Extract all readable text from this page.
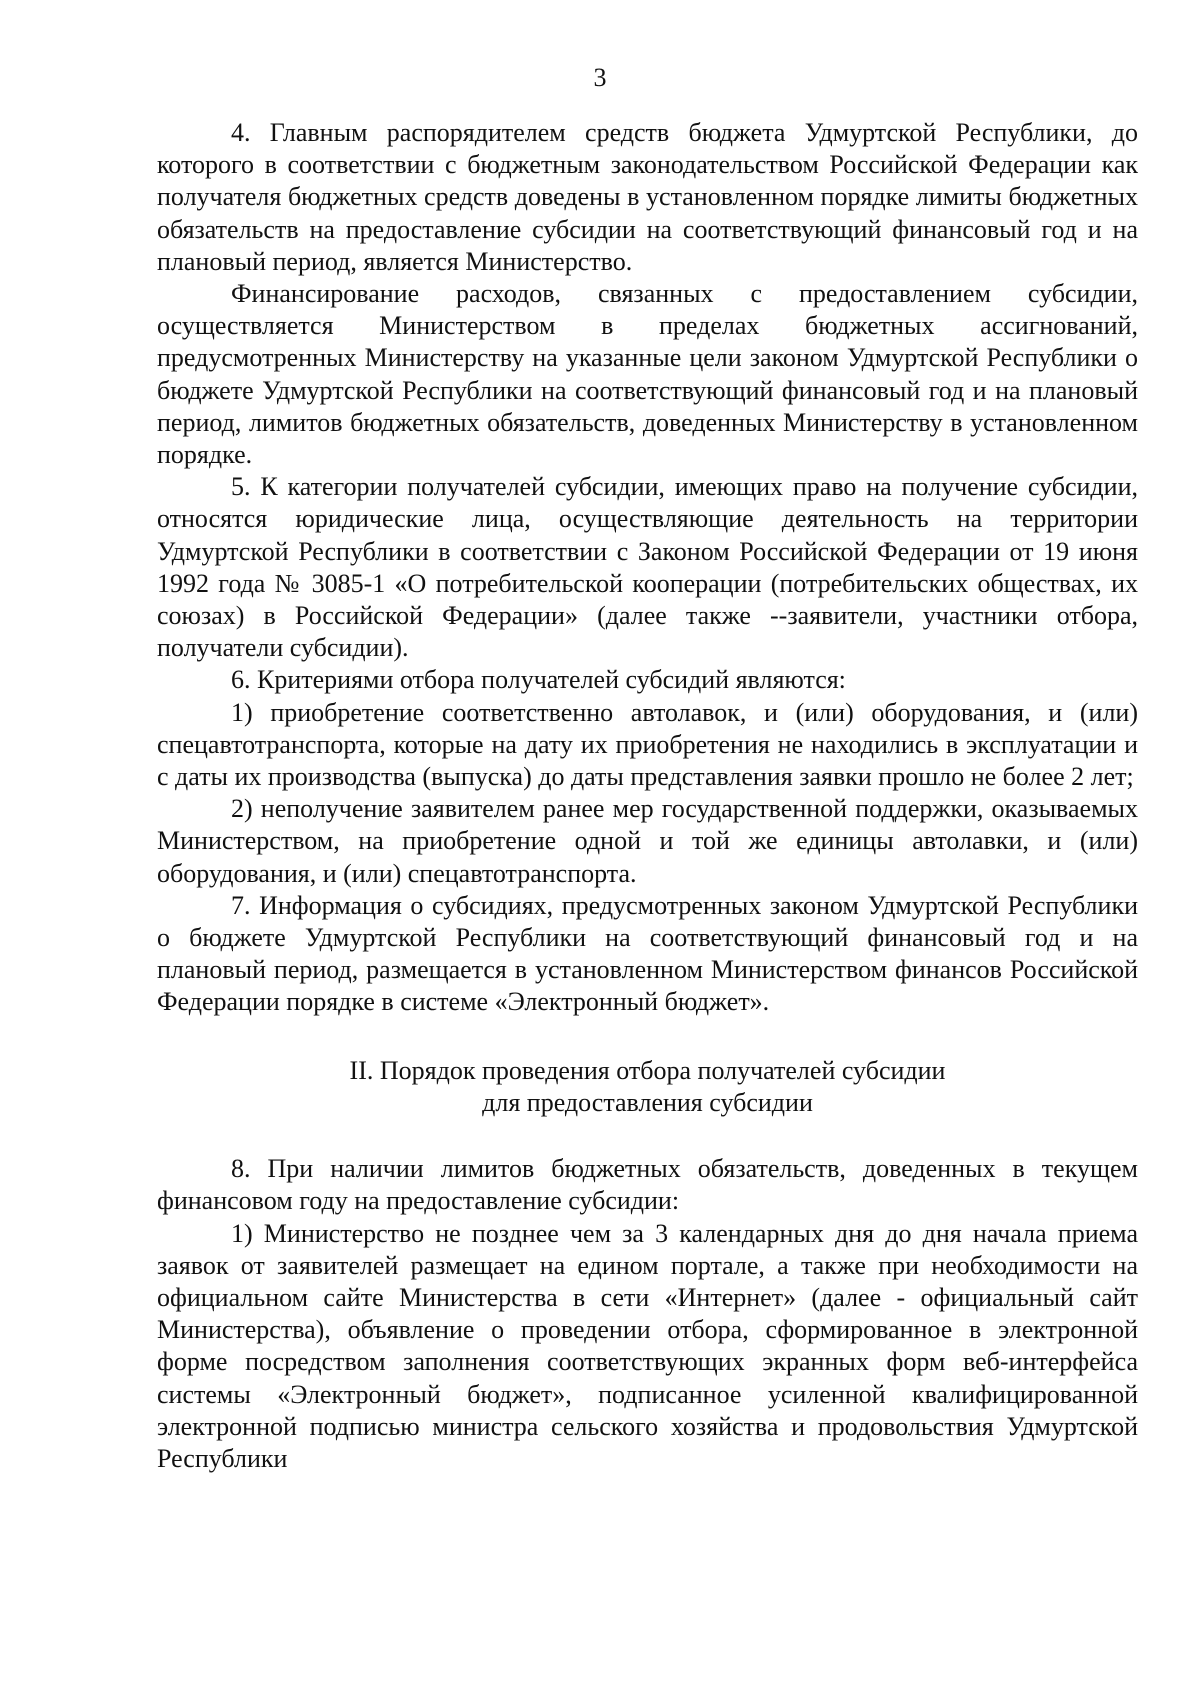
3

4. Главным распорядителем средств бюджета Удмуртской Республики, до которого в соответствии с бюджетным законодательством Российской Федерации как получателя бюджетных средств доведены в установленном порядке лимиты бюджетных обязательств на предоставление субсидии на соответствующий финансовый год и на плановый период, является Министерство.

Финансирование расходов, связанных с предоставлением субсидии, осуществляется Министерством в пределах бюджетных ассигнований, предусмотренных Министерству на указанные цели законом Удмуртской Республики о бюджете Удмуртской Республики на соответствующий финансовый год и на плановый период, лимитов бюджетных обязательств, доведенных Министерству в установленном порядке.

5. К категории получателей субсидии, имеющих право на получение субсидии, относятся юридические лица, осуществляющие деятельность на территории Удмуртской Республики в соответствии с Законом Российской Федерации от 19 июня 1992 года № 3085-1 «О потребительской кооперации (потребительских обществах, их союзах) в Российской Федерации» (далее также --заявители, участники отбора, получатели субсидии).

6. Критериями отбора получателей субсидий являются:

1) приобретение соответственно автолавок, и (или) оборудования, и (или) спецавтотранспорта, которые на дату их приобретения не находились в эксплуатации и с даты их производства (выпуска) до даты представления заявки прошло не более 2 лет;

2) неполучение заявителем ранее мер государственной поддержки, оказываемых Министерством, на приобретение одной и той же единицы автолавки, и (или) оборудования, и (или) спецавтотранспорта.

7. Информация о субсидиях, предусмотренных законом Удмуртской Республики о бюджете Удмуртской Республики на соответствующий финансовый год и на плановый период, размещается в установленном Министерством финансов Российской Федерации порядке в системе «Электронный бюджет».

II. Порядок проведения отбора получателей субсидии
для предоставления субсидии

8. При наличии лимитов бюджетных обязательств, доведенных в текущем финансовом году на предоставление субсидии:

1) Министерство не позднее чем за 3 календарных дня до дня начала приема заявок от заявителей размещает на едином портале, а также при необходимости на официальном сайте Министерства в сети «Интернет» (далее - официальный сайт Министерства), объявление о проведении отбора, сформированное в электронной форме посредством заполнения соответствующих экранных форм веб-интерфейса системы «Электронный бюджет», подписанное усиленной квалифицированной электронной подписью министра сельского хозяйства и продовольствия Удмуртской Республики
